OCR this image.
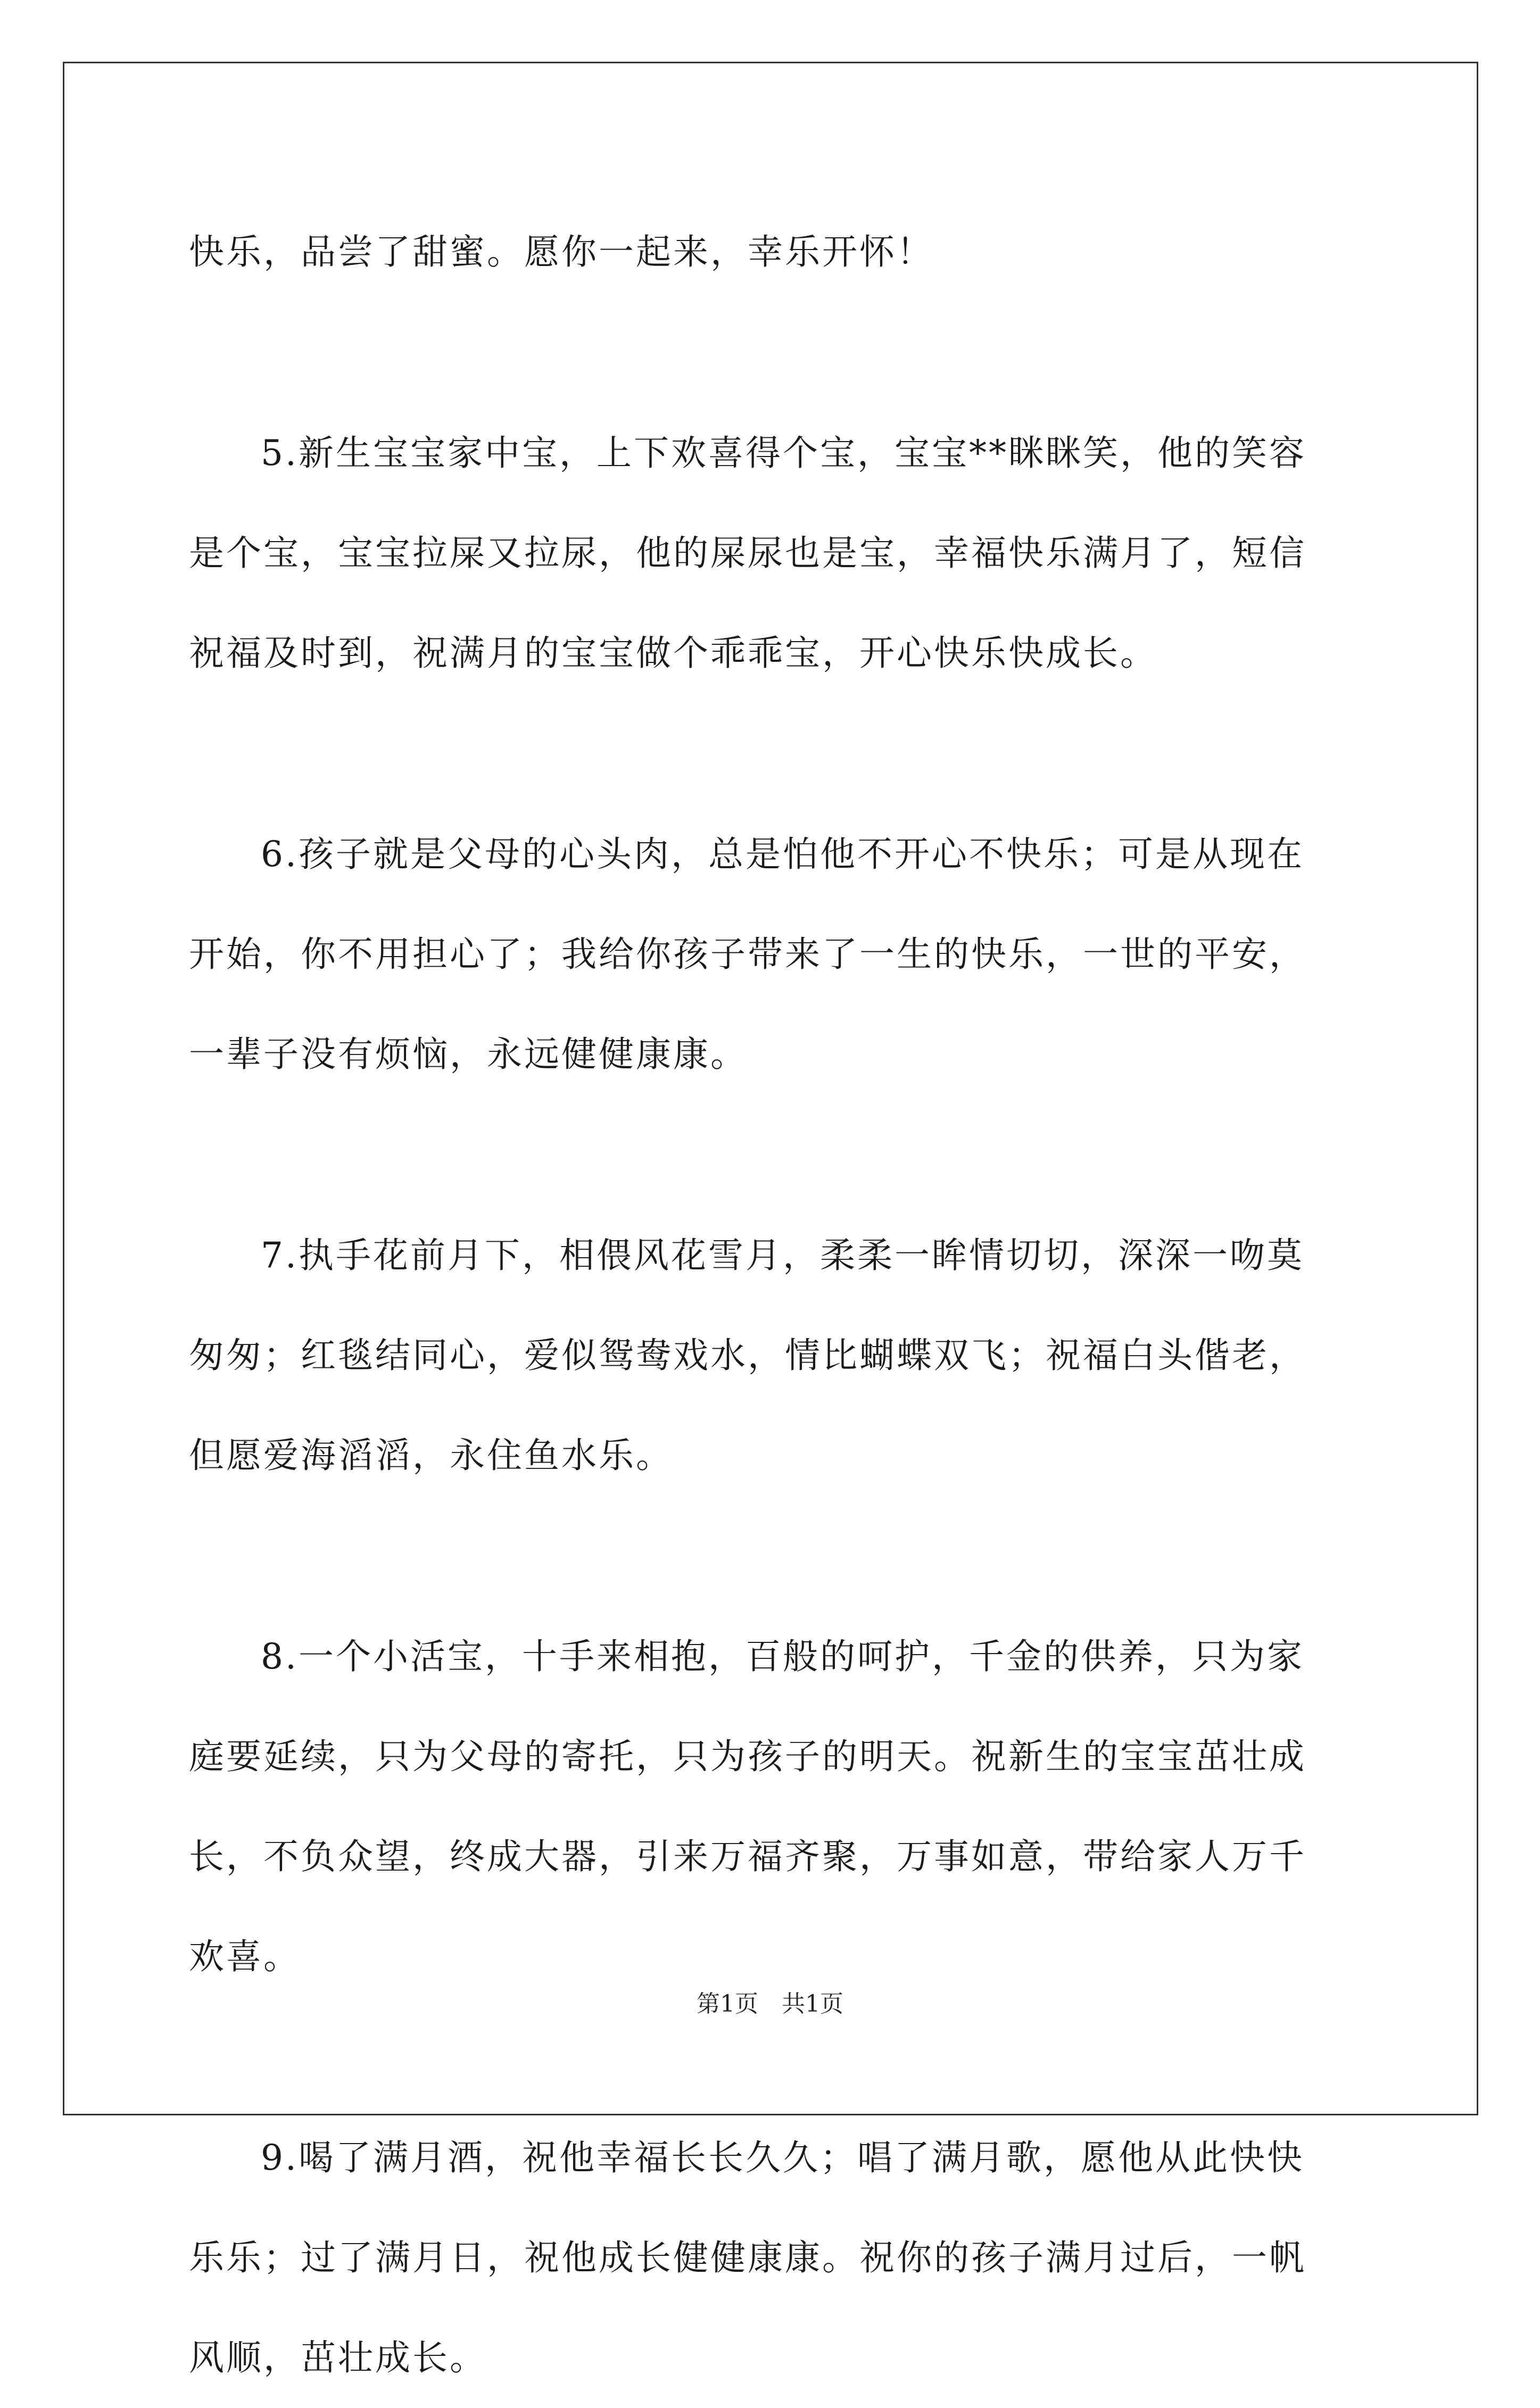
快乐，品尝了甜蜜。愿你一起来，幸乐开怀！
5.新生宝宝家中宝，上下欢喜得个宝，宝宝**眯眯笑，他的笑容
是个宝，宝宝拉屎又拉尿，他的屎尿也是宝，幸福快乐满月了，短信
祝福及时到，祝满月的宝宝做个乖乖宝，开心快乐快成长。
6.孩子就是父母的心头肉，总是怕他不开心不快乐；可是从现在
开始，你不用担心了；我给你孩子带来了一生的快乐，一世的平安，
一辈子没有烦恼，永远健健康康。
7.执手花前月下，相偎风花雪月，柔柔一眸情切切，深深一吻莫
匆匆；红毯结同心，爱似鸳鸯戏水，情比蝴蝶双飞；祝福白头偕老，
但愿爱海滔滔，永住鱼水乐。
8.一个小活宝，十手来相抱，百般的呵护，千金的供养，只为家
庭要延续，只为父母的寄托，只为孩子的明天。祝新生的宝宝茁壮成
长，不负众望，终成大器，引来万福齐聚，万事如意，带给家人万千
欢喜。
9.喝了满月酒，祝他幸福长长久久；唱了满月歌，愿他从此快快
乐乐；过了满月日，祝他成长健健康康。祝你的孩子满月过后，一帆
风顺，茁壮成长。
第1页 共1页
